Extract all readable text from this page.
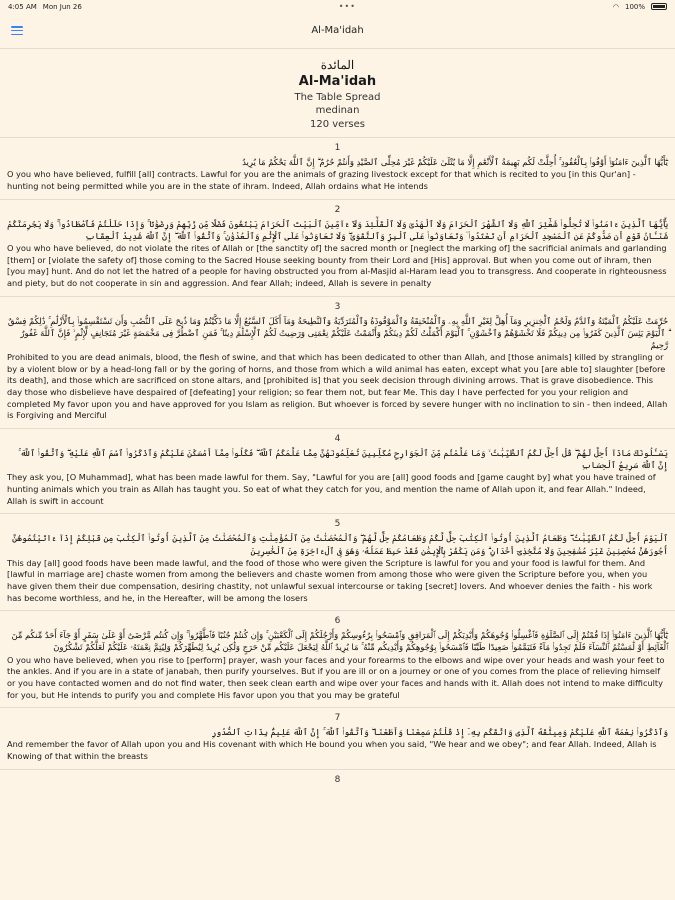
4:05 AM Mon Jun 26	•••	◠ 100%
Al-Ma'idah
المائدة
Al-Ma'idah
The Table Spread
medinan
120 verses
1
يَٰٓأَيُّهَا ٱلَّذِينَ ءَامَنُوٓا۟ أَوْفُوا۟ بِٱلْعُقُودِ ۚ أُحِلَّتْ لَكُم بَهِيمَةُ ٱلْأَنْعَٰمِ إِلَّا مَا يُتْلَىٰ عَلَيْكُمْ غَيْرَ مُحِلِّى ٱلصَّيْدِ وَأَنتُمْ حُرُمٌ ۗ إِنَّ ٱللَّهَ يَحْكُمُ مَا يُرِيدُ
O you who have believed, fulfill [all] contracts. Lawful for you are the animals of grazing livestock except for that which is recited to you [in this Qur'an] - hunting not being permitted while you are in the state of ihram. Indeed, Allah ordains what He intends
2
يَٰٓأَيُّهَا ٱلَّذِينَ ءَامَنُوا۟ لَا تُحِلُّوا۟ شَعَٰٓئِرَ ٱللَّهِ وَلَا ٱلشَّهْرَ ٱلْحَرَامَ وَلَا ٱلْهَدْىَ وَلَا ٱلْقَلَٰٓئِدَ وَلَآ ءَآمِّينَ ٱلْبَيْتَ ٱلْحَرَامَ يَبْتَغُونَ فَضْلًا مِّن رَّبِّهِمْ وَرِضْوَٰنًا ۚ وَإِذَا حَلَلْتُمْ فَٱصْطَادُوا۟ ۚ وَلَا يَجْرِمَنَّكُمْ شَنَـَٔانُ قَوْمٍ أَن صَدُّوكُمْ عَنِ ٱلْمَسْجِدِ ٱلْحَرَامِ أَن تَعْتَدُوا۟ ۘ وَتَعَاوَنُوا۟ عَلَى ٱلْبِرِّ وَٱلتَّقْوَىٰ ۖ وَلَا تَعَاوَنُوا۟ عَلَى ٱلْإِثْمِ وَٱلْعُدْوَٰنِ ۚ وَٱتَّقُوا۟ ٱللَّهَ ۖ إِنَّ ٱللَّهَ شَدِيدُ ٱلْعِقَابِ
O you who have believed, do not violate the rites of Allah or [the sanctity of] the sacred month or [neglect the marking of] the sacrificial animals and garlanding [them] or [violate the safety of] those coming to the Sacred House seeking bounty from their Lord and [His] approval. But when you come out of ihram, then [you may] hunt. And do not let the hatred of a people for having obstructed you from al-Masjid al-Haram lead you to transgress. And cooperate in righteousness and piety, but do not cooperate in sin and aggression. And fear Allah; indeed, Allah is severe in penalty
3
حُرِّمَتْ عَلَيْكُمُ ٱلْمَيْتَةُ وَٱلدَّمُ وَلَحْمُ ٱلْخِنزِيرِ وَمَآ أُهِلَّ لِغَيْرِ ٱللَّهِ بِهِۦ وَٱلْمُنْخَنِقَةُ وَٱلْمَوْقُوذَةُ وَٱلْمُتَرَدِّيَةُ وَٱلنَّطِيحَةُ وَمَآ أَكَلَ ٱلسَّبُعُ إِلَّا مَا ذَكَّيْتُمْ وَمَا ذُبِحَ عَلَى ٱلنُّصُبِ وَأَن تَسْتَقْسِمُوا۟ بِٱلْأَزْلَٰمِ ۚ ذَٰلِكُمْ فِسْقٌ ۗ ٱلْيَوْمَ يَئِسَ ٱلَّذِينَ كَفَرُوا۟ مِن دِينِكُمْ فَلَا تَخْشَوْهُمْ وَٱخْشَوْنِ ۚ ٱلْيَوْمَ أَكْمَلْتُ لَكُمْ دِينَكُمْ وَأَتْمَمْتُ عَلَيْكُمْ نِعْمَتِى وَرَضِيتُ لَكُمُ ٱلْإِسْلَٰمَ دِينًا ۚ فَمَنِ ٱضْطُرَّ فِى مَخْمَصَةٍ غَيْرَ مُتَجَانِفٍ لِّإِثْمٍ ۙ فَإِنَّ ٱللَّهَ غَفُورٌ رَّحِيمٌ
Prohibited to you are dead animals, blood, the flesh of swine, and that which has been dedicated to other than Allah, and [those animals] killed by strangling or by a violent blow or by a head-long fall or by the goring of horns, and those from which a wild animal has eaten, except what you [are able to] slaughter [before its death], and those which are sacrificed on stone altars, and [prohibited is] that you seek decision through divining arrows. That is grave disobedience. This day those who disbelieve have despaired of [defeating] your religion; so fear them not, but fear Me. This day I have perfected for you your religion and completed My favor upon you and have approved for you Islam as religion. But whoever is forced by severe hunger with no inclination to sin - then indeed, Allah is Forgiving and Merciful
4
يَسْـَٔلُونَكَ مَاذَآ أُحِلَّ لَهُمْ ۖ قُلْ أُحِلَّ لَكُمُ ٱلطَّيِّبَٰتُ ۙ وَمَا عَلَّمْتُم مِّنَ ٱلْجَوَارِحِ مُكَلِّبِينَ تُعَلِّمُونَهُنَّ مِمَّا عَلَّمَكُمُ ٱللَّهُ ۖ فَكُلُوا۟ مِمَّآ أَمْسَكْنَ عَلَيْكُمْ وَٱذْكُرُوا۟ ٱسْمَ ٱللَّهِ عَلَيْهِ ۖ وَٱتَّقُوا۟ ٱللَّهَ ۚ إِنَّ ٱللَّهَ سَرِيعُ ٱلْحِسَابِ
They ask you, [O Muhammad], what has been made lawful for them. Say, "Lawful for you are [all] good foods and [game caught by] what you have trained of hunting animals which you train as Allah has taught you. So eat of what they catch for you, and mention the name of Allah upon it, and fear Allah." Indeed, Allah is swift in account
5
ٱلْيَوْمَ أُحِلَّ لَكُمُ ٱلطَّيِّبَٰتُ ۖ وَطَعَامُ ٱلَّذِينَ أُوتُوا۟ ٱلْكِتَٰبَ حِلٌّ لَّكُمْ وَطَعَامُكُمْ حِلٌّ لَّهُمْ ۖ وَٱلْمُحْصَنَٰتُ مِنَ ٱلْمُؤْمِنَٰتِ وَٱلْمُحْصَنَٰتُ مِنَ ٱلَّذِينَ أُوتُوا۟ ٱلْكِتَٰبَ مِن قَبْلِكُمْ إِذَآ ءَاتَيْتُمُوهُنَّ أُجُورَهُنَّ مُحْصِنِينَ غَيْرَ مُسَٰفِحِينَ وَلَا مُتَّخِذِىٓ أَخْدَانٍ ۗ وَمَن يَكْفُرْ بِٱلْإِيمَٰنِ فَقَدْ حَبِطَ عَمَلُهُۥ وَهُوَ فِى ٱلْءَاخِرَةِ مِنَ ٱلْخَٰسِرِينَ
This day [all] good foods have been made lawful, and the food of those who were given the Scripture is lawful for you and your food is lawful for them. And [lawful in marriage are] chaste women from among the believers and chaste women from among those who were given the Scripture before you, when you have given them their due compensation, desiring chastity, not unlawful sexual intercourse or taking [secret] lovers. And whoever denies the faith - his work has become worthless, and he, in the Hereafter, will be among the losers
6
يَٰٓأَيُّهَا ٱلَّذِينَ ءَامَنُوٓا۟ إِذَا قُمْتُمْ إِلَى ٱلصَّلَوٰةِ فَٱغْسِلُوا۟ وُجُوهَكُمْ وَأَيْدِيَكُمْ إِلَى ٱلْمَرَافِقِ وَٱمْسَحُوا۟ بِرُءُوسِكُمْ وَأَرْجُلَكُمْ إِلَى ٱلْكَعْبَيْنِ ۚ وَإِن كُنتُمْ جُنُبًا فَٱطَّهَّرُوا۟ ۚ وَإِن كُنتُم مَّرْضَىٰٓ أَوْ عَلَىٰ سَفَرٍ أَوْ جَآءَ أَحَدٌ مِّنكُم مِّنَ ٱلْغَآئِطِ أَوْ لَٰمَسْتُمُ ٱلنِّسَآءَ فَلَمْ تَجِدُوا۟ مَآءً فَتَيَمَّمُوا۟ صَعِيدًا طَيِّبًا فَٱمْسَحُوا۟ بِوُجُوهِكُمْ وَأَيْدِيكُم مِّنْهُ ۚ مَا يُرِيدُ ٱللَّهُ لِيَجْعَلَ عَلَيْكُم مِّنْ حَرَجٍ وَلَٰكِن يُرِيدُ لِيُطَهِّرَكُمْ وَلِيُتِمَّ نِعْمَتَهُۥ عَلَيْكُمْ لَعَلَّكُمْ تَشْكُرُونَ
O you who have believed, when you rise to [perform] prayer, wash your faces and your forearms to the elbows and wipe over your heads and wash your feet to the ankles. And if you are in a state of janabah, then purify yourselves. But if you are ill or on a journey or one of you comes from the place of relieving himself or you have contacted women and do not find water, then seek clean earth and wipe over your faces and hands with it. Allah does not intend to make difficulty for you, but He intends to purify you and complete His favor upon you that you may be grateful
7
وَٱذْكُرُوا۟ نِعْمَةَ ٱللَّهِ عَلَيْكُمْ وَمِيثَٰقَهُ ٱلَّذِى وَاثَقَكُم بِهِۦٓ إِذْ قُلْتُمْ سَمِعْنَا وَأَطَعْنَا ۖ وَٱتَّقُوا۟ ٱللَّهَ ۚ إِنَّ ٱللَّهَ عَلِيمٌۢ بِذَاتِ ٱلصُّدُورِ
And remember the favor of Allah upon you and His covenant with which He bound you when you said, "We hear and we obey"; and fear Allah. Indeed, Allah is Knowing of that within the breasts
8
